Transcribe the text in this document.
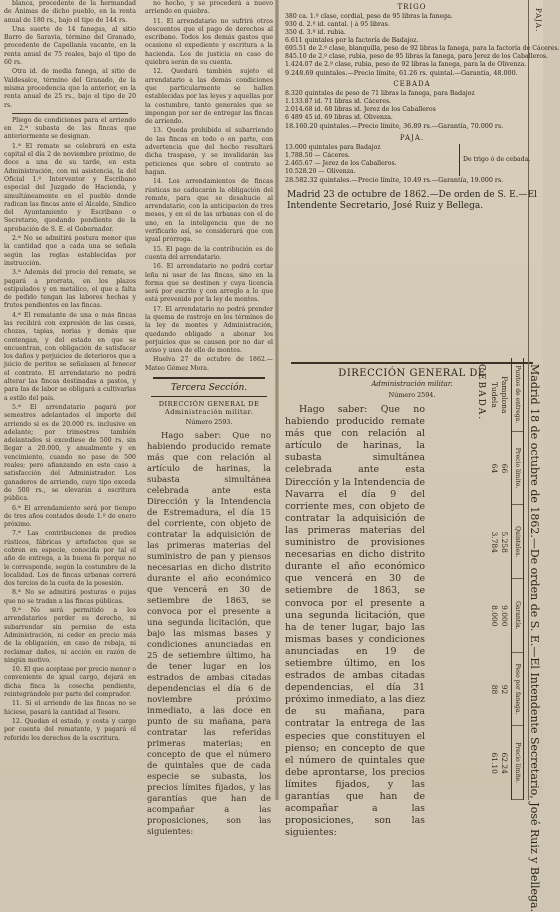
blanca, procedente de la hermandad de Ánimas de dicho pueblo, en la renta anual de 180 rs., bajo el tipo de 144 rs.

Una suerte de 14 fanegas, al sitio Barro de Saravia, término del Granado, procedente de Capellanía vacante, en la renta anual de 75 reales, bajo el tipo de 60 rs.

Otra id. de media fanega, al sitio de Valdesalce, término del Granado, de la misma procedencia que la anterior, en la renta anual de 25 rs., bajo el tipo de 20 rs.

Pliego de condiciones para el arriendo en 2.ª subasta de las fincas que anteriormente se designan.

1.ª El remate se celebrará en esta capital el día 2 de noviembre próximo, de doce a una de su tarde, en esta Administración, con mi asistencia, la del Oficial 1.º Interventor y Escribano especial del Juzgado de Hacienda, y simultáneamente en el pueblo donde radican las fincas ante el Alcalde, Síndico del Ayuntamiento y Escribano o Secretario, quedando pendiente de la aprobación de S. E. el Gobernador.

2.ª No se admitirá postura menor que la cantidad que a cada una se señala según las reglas establecidas por instrucción.

3.ª Además del precio del remate, se pagará a prorrata, en los plazos estipulados y en metálico, el que a falta de pedido tengan las labores hechas y frutos pendientes en las fincas.

4.ª El rematante de una o más fincas las recibirá con expresión de las casas, chozas, tapias, norias y demás que contengan, y del estado en que se encuentran, con obligación de satisfacer los daños y perjuicios de deterioros que a juicio de peritos se señalasen al fenecer el contrato. El arrendatario no podrá alterar las fincas destinadas a pastos, y para las de labor se obligará a cultivarlas a estilo del país.

5.ª El arrendatario pagará por semestres adelantados el importe del arriendo si es de 20.000 rs. inclusive en adelante; por trimestres también adelantados si excediese de 500 rs. sin llegar a 20.000, y anualmente y en vencimiento, cuando no pase de 500 reales; pero afianzando en este caso a satisfacción del Administrador. Los ganaderos de arriendo, cuyo tipo exceda de 500 rs., se elevarán a escritura pública.

6.ª El arrendamiento será por tiempo de tres años contados desde 1.º de enero próximo.

7.ª Las contribuciones de predios rústicos, fábricas y artefactos que se cobren en especie, conocida por tal el año de entrega, a la buena fe porque no le corresponde, según la costumbre de la localidad. Los de fincas urbanas correrá dos tercios de la cuota de la posesión.

8.ª No se admitirá posturas o pujas que no se tradan a las fincas públicas.

9.ª No será permitido a los arrendatarios perder su derecho, ni subarrendar sin permiso de esta Administración, ni ceder en precio más de la obligación, en caso de rebaja, ni reclamar daños, ni acción en razón de ningún motivo.

10. El que aceptase por precio menor o conveniente de igual cargo, dejará en dicha finca la cosecha pendiente, reintegrándole por parte del comprador.

11. Si el arriendo de las fincas no se hiciese, pasará la cantidad al Tesoro.

12. Quedan el estado, y costa y cargo por cuenta del rematante, y pagará el referido los derechos de la escritura.

no hecho, y se procederá a nuevo arriendo en quiebra.

11. El arrendatario no sufrirá otros descuentos que el pago de derechos al escribano. Todos los demás gastos que ocasione el expediente y escritura a la hacienda. Los de justicia en caso de quiebra serán de su cuenta.

12. Quedará también sujeto el arrendatario a las demás condiciones que particularmente se hallen establecidas por las leyes y aquellas por la costumbre, tanto generales que se impongan por ser de entregar las fincas de arriendo.

13. Queda prohibido el subarriendo de las fincas en todo o en parte, con advertencia que del hecho resultará dicha traspaso, y se invalidarán las peticiones que sobre el contrato se hagan.

14. Los arrendamientos de fincas rústicas no caducarán la obligación del remate, para que se desahucie al arrendatario, con la anticipación de tres meses, y en el de las urbanas con el de uno, en la inteligencia que de no verificarlo así, se considerará que con igual prórroga.

15. El pago de la contribución es de cuenta del arrendatario.

16. El arrendatario no podrá cortar leña ni usar de las fincas, sino en la forma que se destinen y cuya licencia será por escrito y con arreglo a lo que está prevenido por la ley de montes.

17. El arrendatario no podrá prender la quema de rastrojo en los términos de la ley de montes y Administración, quedando obligado a abonar los perjuicios que se causen por no dar el aviso y usos de ello de montes.

Huelva 27 de octubre de 1862.—Mateo Gómez Mora.

Tercera Sección.
DIRECCIÓN GENERAL DE Administración militar.
Número 2593.
TRIGO
380 ca. 1.º clase, cordial, peso de 95 libras la fanega.
930 d. 2.º id. cantal. | á 95 libras.
350 d. 3.º id. rubia.
6.611 quintales por la factoría de Badajoz.
695.51 de 2.º clase, blanquilla, peso de 92 libras la fanega, para la factoría de Cáceres.
845.10 de 2.º clase, rubia, peso de 95 libras la fanega, para Jerez de los Caballeros.
1.424.07 de 2.º clase, rubia, peso de 92 libras la fanega, para la de Olivenza.
9.248.69 quintales.—Precio límite, 61.26 rs. quintal.—Garantía, 48.000.
CEBADA
8.320 quintales de peso de 71 libras la fanega, para Badajoz
1.133.87 id. 71 libras id. Cáceres.
2.014.68 id. 68 libras id. Jerez de los Caballeros
6 489 45 id. 69 libras id. Olivenza.
18.160.20 quintales.—Precio límite, 36.89 rs.—Garantía, 70.000 rs.
PAJA.
13.000 quintales para Badajoz
1.788.50 — Cáceres.
2.465.67 — Jerez de los Caballeros.
10.528.20 — Olivenza.
De trigo ó de cebada.
28.582.32 quintales.—Precio límite, 10.49 rs.—Garantía, 19.000 rs.
Madrid 23 de octubre de 1862.—De orden de S. E.—El Intendente Secretario, José Ruiz y Bellega.
DIRECCIÓN GENERAL DE
Administración militar.
Número 2594.

Hago saber: Que no habiendo producido remate más que con relación al artículo de harinas, la subasta simultánea celebrada ante esta Dirección y la Intendencia de Navarra el día 9 del corriente mes, con objeto de contratar la adquisición de las primeras materias del suministro de provisiones necesarias en dicho distrito durante el año económico que vencerá en 30 de setiembre de 1863, se convoca por el presente a una segunda licitación, que ha de tener lugar, bajo las mismas bases y condiciones anunciadas en 19 de setiembre último, en los estrados de ambas citadas dependencias, el día 31 próximo inmediato, a las diez de su mañana, para contratar la entrega de las especies que constituyen el pienso; en concepto de que el número de quintales que debe aprontarse, los precios límites fijados, y las garantías que han de acompañar a las proposiciones, son las siguientes:	Madrid 18 de octubre de 1862.—De orden de S. E.—El Intendente Secretario, José Ruiz y Bellega.
Puntos de entrega.
Precio límite.
Quintales.
Garantía.
Peso por fanega.
Precio límite.
Pamplona
66
5.258
9.000
92
62.24
Tudela
64
3.784
8.000
88
61.10
CEBADA.

Hago saber: Que no habiendo producido remate más que con relación al artículo de harinas, la subasta simultánea celebrada ante esta Dirección y la Intendencia de Estremadura, el día 15 del corriente, con objeto de contratar la adquisición de las primeras materias del suministro de pan y piensos necesarias en dicho distrito durante el año económico que vencerá en 30 de setiembre de 1863, se convoca por el presente a una segunda licitación, que bajo las mismas bases y condiciones anunciadas en 25 de setiembre último, ha de tener lugar en los estrados de ambas citadas dependencias el día 6 de noviembre próximo inmediato, a las doce en punto de su mañana, para contratar las referidas primeras materias; en concepto de que el número de quintales que de cada especie se subasta, los precios límites fijados, y las garantías que han de acompañar a las proposiciones, son las siguientes:

PAJA.
